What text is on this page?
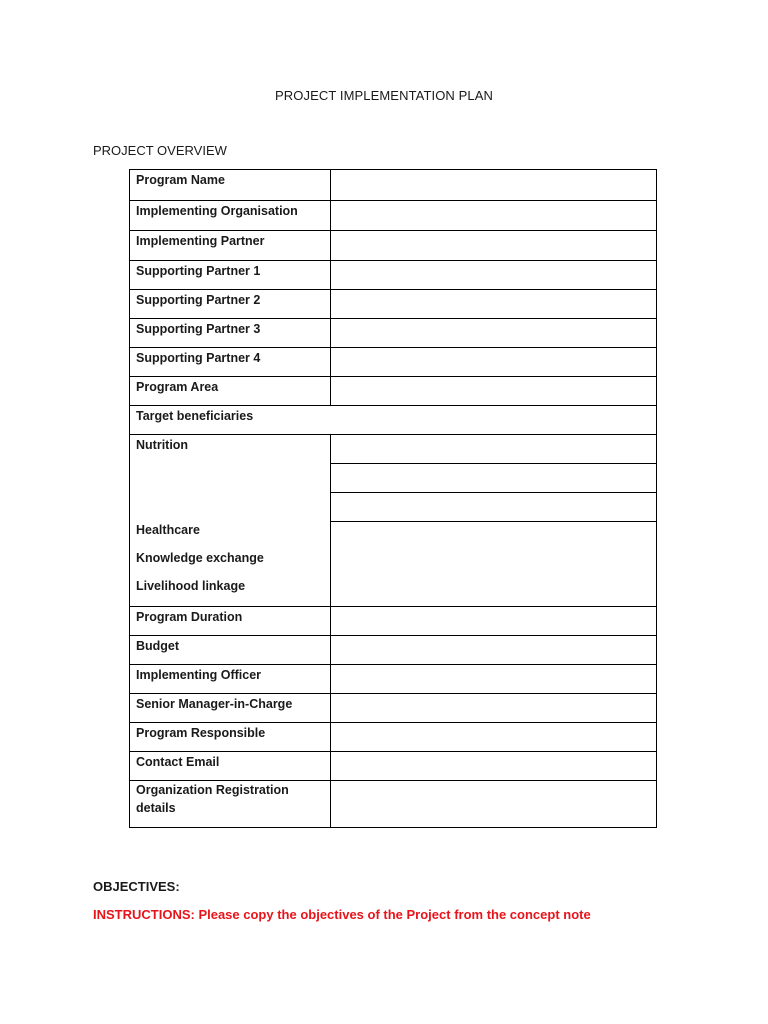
PROJECT IMPLEMENTATION PLAN
PROJECT OVERVIEW
Program Name	
Implementing Organisation	
Implementing Partner	
Supporting Partner 1	
Supporting Partner 2	
Supporting Partner 3	
Supporting Partner 4	
Program Area	
Target beneficiaries	

Nutrition
Healthcare
Knowledge exchange
Livelihood linkage	

Program Duration	
Budget	
Implementing Officer	
Senior Manager-in-Charge	
Program Responsible	
Contact Email	
Organization Registration details	
OBJECTIVES:
INSTRUCTIONS: Please copy the objectives of the Project from the concept note
